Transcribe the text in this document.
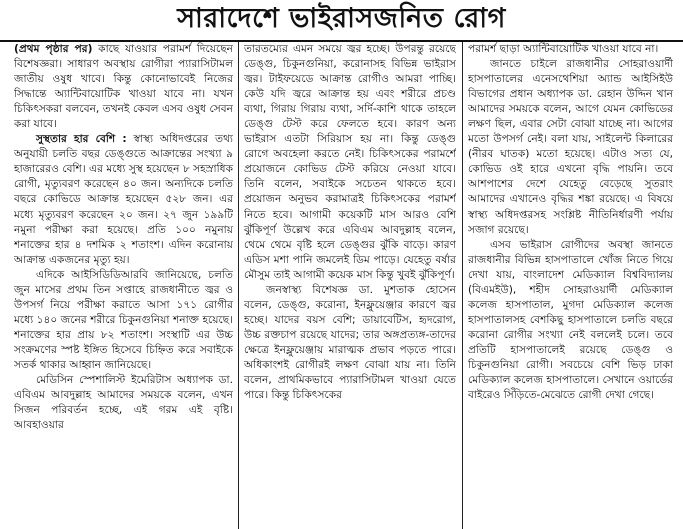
সারাদেশে ভাইরাসজনিত রোগ

(প্রথম পৃষ্ঠার পর) কাছে যাওয়ার পরামর্শ দিয়েছেন বিশেষজ্ঞরা। সাধারণ অবস্থায় রোগীরা প্যারাসিটামল জাতীয় ওষুধ খাবে। কিন্তু কোনোভাবেই নিজের সিদ্ধান্তে অ্যান্টিবায়োটিক খাওয়া যাবে না। যখন চিকিৎসকরা বলবেন, তখনই কেবল এসব ওষুধ সেবন করা যাবে।

সুস্থতার হার বেশি : স্বাস্থ্য অধিদপ্তরের তথ্য অনুযায়ী চলতি বছর ডেঙ্গুতে আক্রান্তের সংখ্যা ৯ হাজারেরও বেশি। এর মধ্যে সুস্থ হয়েছেন ৮ সহস্রাধিক রোগী, মৃত্যুবরণ করেছেন ৪০ জন। অন্যদিকে চলতি বছরে কোভিডে আক্রান্ত হয়েছেন ৫২৮ জন। এর মধ্যে মৃত্যুবরণ করেছেন ২০ জন। ২৭ জুন ১৯৯টি নমুনা পরীক্ষা করা হয়েছে। প্রতি ১০০ নমুনায় শনাক্তের হার ৪ দশমিক ২ শতাংশ। এদিন করোনায় আক্রান্ত একজনের মৃত্যু হয়।

এদিকে আইসিডিডিআরবি জানিয়েছে, চলতি জুন মাসের প্রথম তিন সপ্তাহে রাজধানীতে জ্বর ও উপসর্গ নিয়ে পরীক্ষা করাতে আসা ১৭১ রোগীর মধ্যে ১৪০ জনের শরীরে চিকুনগুনিয়া শনাক্ত হয়েছে। শনাক্তের হার প্রায় ৮২ শতাংশ। সংস্থাটি এর উচ্চ সংক্রমণের স্পষ্ট ইঙ্গিত হিসেবে চিহ্নিত করে সবাইকে সতর্ক থাকার আহ্বান জানিয়েছে।

মেডিসিন স্পেশালিস্ট ইমেরিটাস অধ্যাপক ডা. এবিএম আবদুল্লাহ আমাদের সময়কে বলেন, এখন সিজন পরিবর্তন হচ্ছে, এই গরম এই বৃষ্টি। আবহাওয়ার

তারতম্যের এমন সময়ে জ্বর হচ্ছে। উপরন্তু রয়েছে ডেঙ্গু, চিকুনগুনিয়া, করোনাসহ বিভিন্ন ভাইরাস জ্বর। টাইফয়েডে আক্রান্ত রোগীও আমরা পাচ্ছি। কেউ যদি জ্বরে আক্রান্ত হয় এবং শরীরে প্রচণ্ড ব্যথা, গিরায় গিরায় ব্যথা, সর্দি-কাশি থাকে তাহলে ডেঙ্গু টেস্ট করে ফেলতে হবে। কারণ অন্য ভাইরাস এতটা সিরিয়াস হয় না। কিন্তু ডেঙ্গু রোগে অবহেলা করতে নেই। চিকিৎসকের পরামর্শে প্রয়োজনে কোভিড টেস্ট করিয়ে নেওয়া যাবে। তিনি বলেন, সবাইকে সচেতন থাকতে হবে। প্রয়োজন অনুভব করামাত্রই চিকিৎসকের পরামর্শ নিতে হবে। আগামী কয়েকটি মাস আরও বেশি ঝুঁকিপূর্ণ উল্লেখ করে এবিএম আবদুল্লাহ বলেন, থেমে থেমে বৃষ্টি হলে ডেঙ্গুর ঝুঁকি বাড়ে। কারণ এডিস মশা পানি জমলেই ডিম পাড়ে। যেহেতু বর্ষার মৌসুম তাই আগামী কয়েক মাস কিন্তু খুবই ঝুঁকিপূর্ণ।

জনস্বাস্থ্য বিশেষজ্ঞ ডা. মুশতাক হোসেন বলেন, ডেঙ্গু, করোনা, ইনফ্লুয়েঞ্জার কারণে জ্বর হচ্ছে। যাদের বয়স বেশি; ডায়াবেটিস, হৃদরোগ, উচ্চ রক্তচাপ রয়েছে যাদের; তার অঙ্গপ্রত্যঙ্গ-তাদের ক্ষেত্রে ইনফ্লুয়েঞ্জায় মারাত্মক প্রভাব পড়তে পারে। অধিকাংশই রোগীরই লক্ষণ বোঝা যায় না। তিনি বলেন, প্রাথমিকভাবে প্যারাসিটামল খাওয়া যেতে পারে। কিন্তু চিকিৎসকের

পরামর্শ ছাড়া অ্যান্টিবায়োটিক খাওয়া যাবে না।

জানতে চাইলে রাজধানীর সোহরাওয়ার্দী হাসপাতালের এনেসথেশিয়া অ্যান্ড আইসিইউ বিভাগের প্রধান অধ্যাপক ডা. রেহান উদ্দিন খান আমাদের সময়কে বলেন, আগে যেমন কোভিডের লক্ষণ ছিল, এবার সেটা বোঝা যাচ্ছে না। আগের মতো উপসর্গ নেই। বলা যায়, সাইলেন্ট কিলারের (নীরব ঘাতক) মতো হয়েছে। এটাও সত্য যে, কোভিড ওই হারে এখনো বৃদ্ধি পায়নি। তবে আশপাশের দেশে যেহেতু বেড়েছে সুতরাং আমাদের এখানেও বৃদ্ধির শঙ্কা রয়েছে। এ বিষয়ে স্বাস্থ্য অধিদপ্তরসহ সংশ্লিষ্ট নীতিনির্ধারণী পর্যায় সজাগ রয়েছে।

এসব ভাইরাস রোগীদের অবস্থা জানতে রাজধানীর বিভিন্ন হাসপাতালে খোঁজ নিতে গিয়ে দেখা যায়, বাংলাদেশ মেডিক্যাল বিশ্ববিদ্যালয় (বিএমইউ), শহীদ সোহরাওয়ার্দী মেডিক্যাল কলেজ হাসপাতাল, মুগদা মেডিক্যাল কলেজ হাসপাতালসহ বেশকিছু হাসপাতালে চলতি বছরে করোনা রোগীর সংখ্যা নেই বললেই চলে। তবে প্রতিটি হাসপাতালেই রয়েছে ডেঙ্গু ও চিকুনগুনিয়া রোগী। সবচেয়ে বেশি ভিড় ঢাকা মেডিক্যাল কলেজ হাসপাতালে। সেখানে ওয়ার্ডের বাইরেও সিঁড়িতে-মেঝেতে রোগী দেখা গেছে।
